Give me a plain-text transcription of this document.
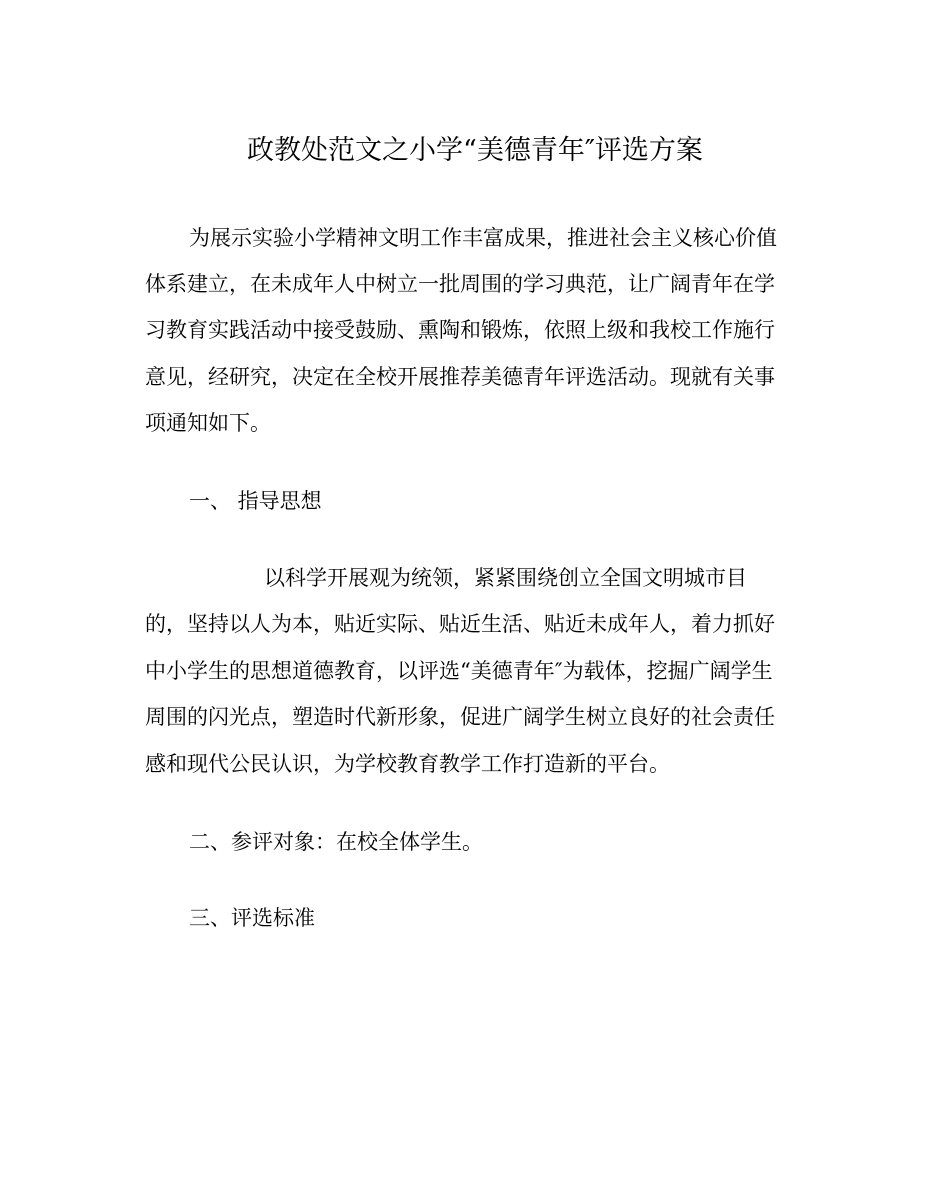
政教处范文之小学“美德青年″评选方案
为展示实验小学精神文明工作丰富成果，推进社会主义核心价值
体系建立，在未成年人中树立一批周围的学习典范，让广阔青年在学
习教育实践活动中接受鼓励、熏陶和锻炼，依照上级和我校工作施行
意见，经研究，决定在全校开展推荐美德青年评选活动。现就有关事
项通知如下。
一、 指导思想
以科学开展观为统领，紧紧围绕创立全国文明城市目
的，坚持以人为本，贴近实际、贴近生活、贴近未成年人，着力抓好
中小学生的思想道德教育，以评选“美德青年″为载体，挖掘广阔学生
周围的闪光点，塑造时代新形象，促进广阔学生树立良好的社会责任
感和现代公民认识，为学校教育教学工作打造新的平台。
二、参评对象：在校全体学生。
三、评选标准
